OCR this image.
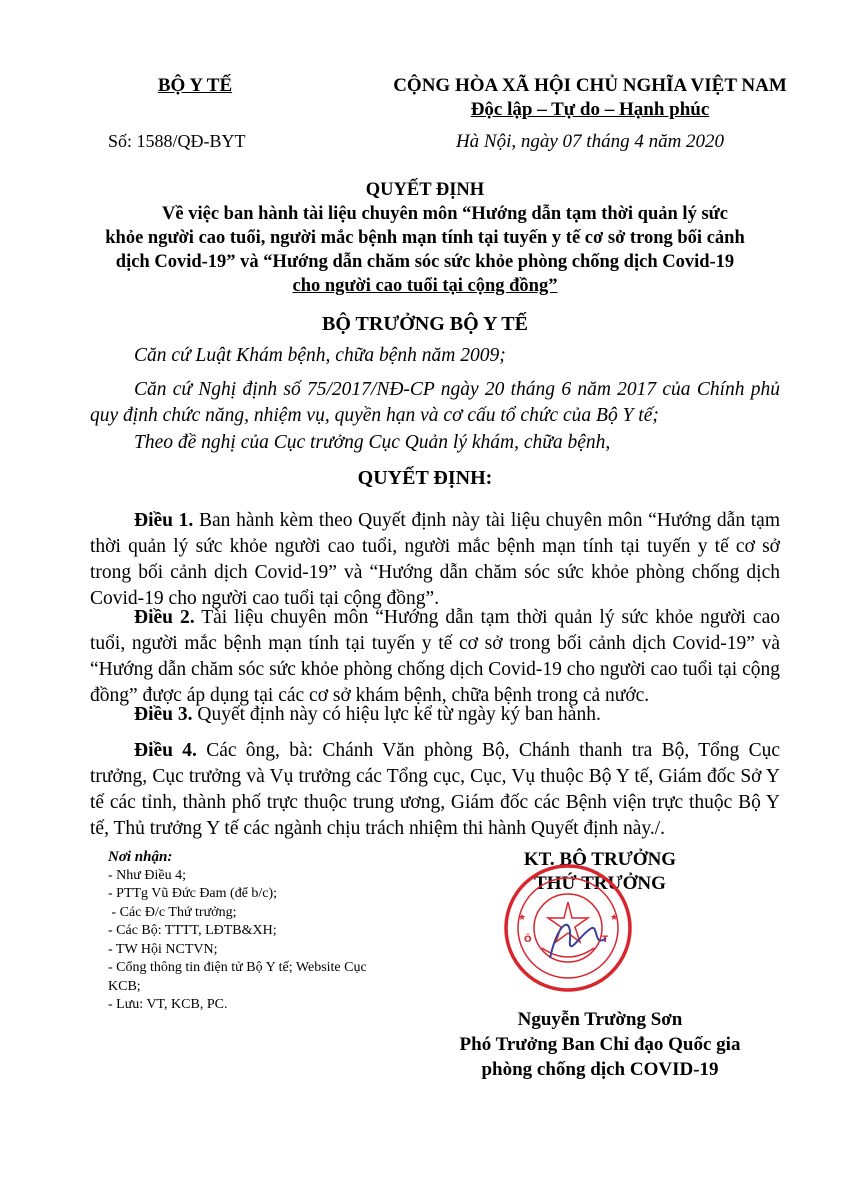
BỘ Y TẾ	CỘNG HÒA XÃ HỘI CHỦ NGHĨA VIỆT NAM
Độc lập – Tự do – Hạnh phúc
Số: 1588/QĐ-BYT	Hà Nội, ngày 07 tháng 4 năm 2020
QUYẾT ĐỊNH
Về việc ban hành tài liệu chuyên môn “Hướng dẫn tạm thời quản lý sức
khỏe người cao tuổi, người mắc bệnh mạn tính tại tuyến y tế cơ sở trong bối cảnh
dịch Covid-19” và “Hướng dẫn chăm sóc sức khỏe phòng chống dịch Covid-19
cho người cao tuổi tại cộng đồng”
BỘ TRƯỞNG BỘ Y TẾ

Căn cứ Luật Khám bệnh, chữa bệnh năm 2009;

Căn cứ Nghị định số 75/2017/NĐ-CP ngày 20 tháng 6 năm 2017 của Chính phủ quy định chức năng, nhiệm vụ, quyền hạn và cơ cấu tổ chức của Bộ Y tế;

Theo đề nghị của Cục trưởng Cục Quản lý khám, chữa bệnh,

QUYẾT ĐỊNH:

Điều 1. Ban hành kèm theo Quyết định này tài liệu chuyên môn “Hướng dẫn tạm thời quản lý sức khỏe người cao tuổi, người mắc bệnh mạn tính tại tuyến y tế cơ sở trong bối cảnh dịch Covid-19” và “Hướng dẫn chăm sóc sức khỏe phòng chống dịch Covid-19 cho người cao tuổi tại cộng đồng”.

Điều 2. Tài liệu chuyên môn “Hướng dẫn tạm thời quản lý sức khỏe người cao tuổi, người mắc bệnh mạn tính tại tuyến y tế cơ sở trong bối cảnh dịch Covid-19” và “Hướng dẫn chăm sóc sức khỏe phòng chống dịch Covid-19 cho người cao tuổi tại cộng đồng” được áp dụng tại các cơ sở khám bệnh, chữa bệnh trong cả nước.

Điều 3. Quyết định này có hiệu lực kể từ ngày ký ban hành.

Điều 4. Các ông, bà: Chánh Văn phòng Bộ, Chánh thanh tra Bộ, Tổng Cục trưởng, Cục trưởng và Vụ trưởng các Tổng cục, Cục, Vụ thuộc Bộ Y tế, Giám đốc Sở Y tế các tỉnh, thành phố trực thuộc trung ương, Giám đốc các Bệnh viện trực thuộc Bộ Y tế, Thủ trưởng Y tế các ngành chịu trách nhiệm thi hành Quyết định này./.

Nơi nhận:
- Như Điều 4;
- PTTg Vũ Đức Đam (để b/c);
- Các Đ/c Thứ trưởng;
- Các Bộ: TTTT, LĐTB&XH;
- TW Hội NCTVN;
- Cổng thông tin điện tử Bộ Y tế; Website Cục KCB;
- Lưu: VT, KCB, PC.
KT. BỘ TRƯỞNG
THỨ TRƯỞNG
★	★
T
Ô
Nguyễn Trường Sơn
Phó Trưởng Ban Chỉ đạo Quốc gia
phòng chống dịch COVID-19
